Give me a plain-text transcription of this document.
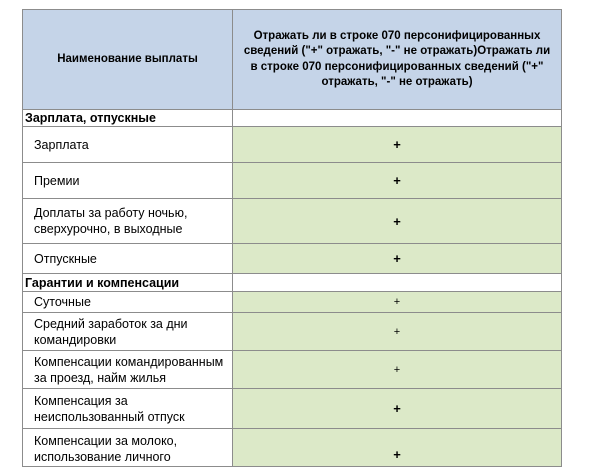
Наименование выплаты	Отражать ли в строке 070 персонифицированных сведений ("+" отражать, "-" не отражать)Отражать ли в строке 070 персонифицированных сведений ("+" отражать, "-" не отражать)
Зарплата, отпускные	
Зарплата	+
Премии	+
Доплаты за работу ночью, сверхурочно, в выходные	+
Отпускные	+
Гарантии и компенсации	
Суточные	+
Средний заработок за дни командировки	+
Компенсации командированным за проезд, найм жилья	+
Компенсация за неиспользованный отпуск	+
Компенсации за молоко, использование личного	+
